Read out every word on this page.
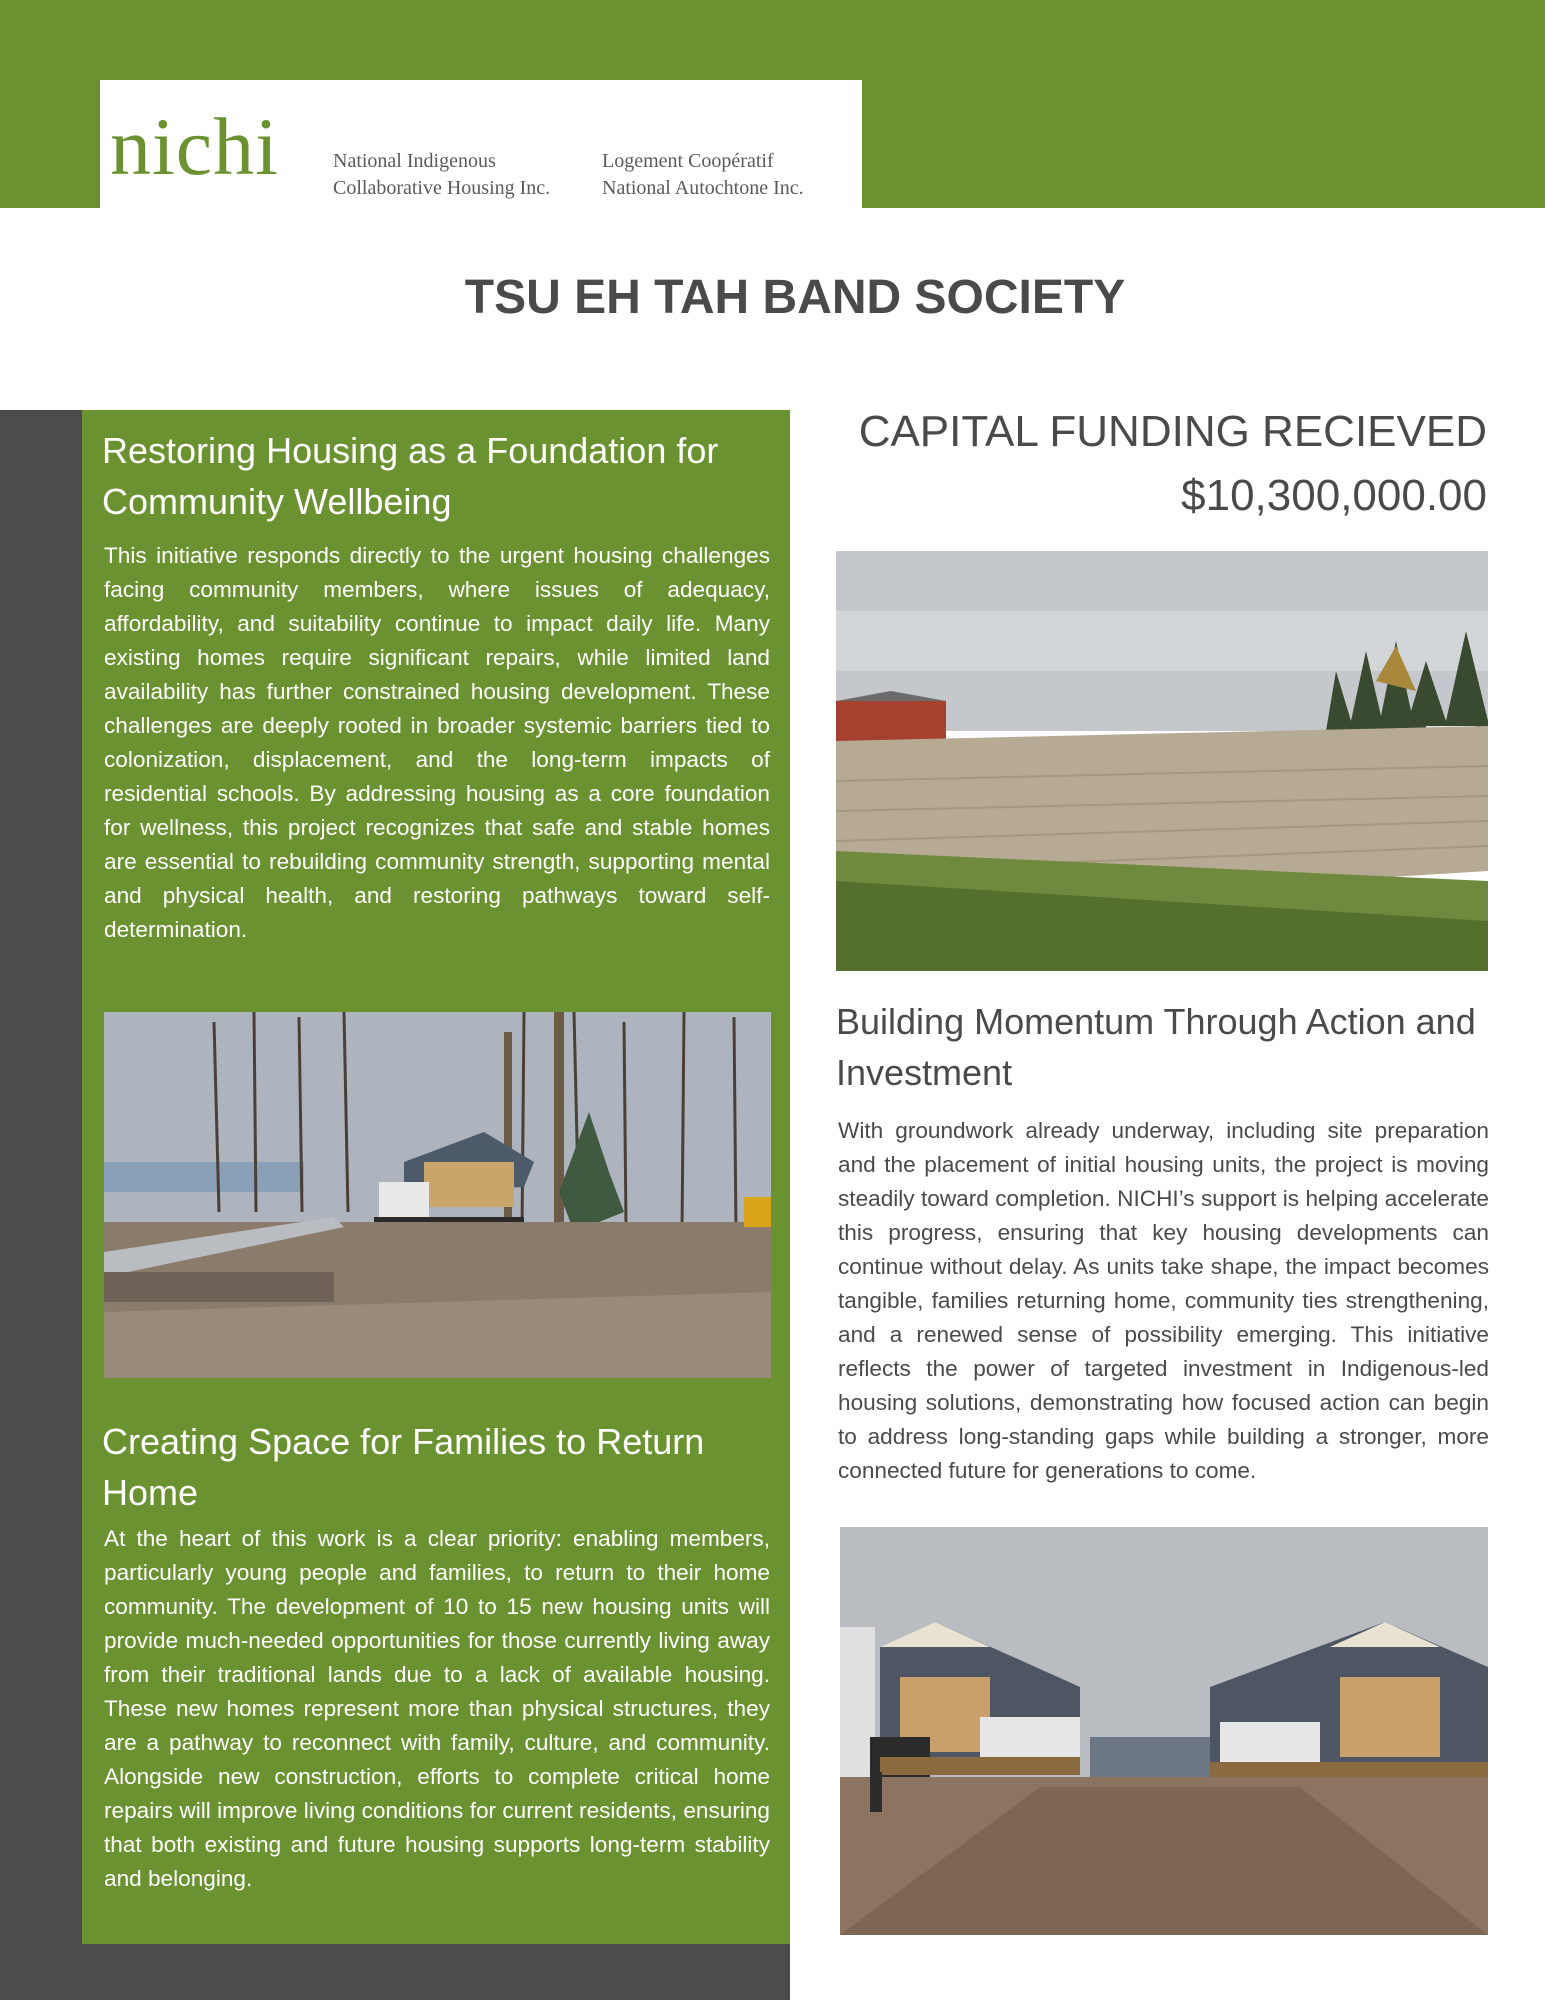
nichi	National Indigenous
Collaborative Housing Inc.
Logement Coopératif
National Autochtone Inc.
TSU EH TAH BAND SOCIETY
Restoring Housing as a Foundation for Community Wellbeing

This initiative responds directly to the urgent housing challenges facing community members, where issues of adequacy, affordability, and suitability continue to impact daily life. Many existing homes require significant repairs, while limited land availability has further constrained housing development. These challenges are deeply rooted in broader systemic barriers tied to colonization, displacement, and the long-term impacts of residential schools. By addressing housing as a core foundation for wellness, this project recognizes that safe and stable homes are essential to rebuilding community strength, supporting mental and physical health, and restoring pathways toward self-determination.

Creating Space for Families to Return Home

At the heart of this work is a clear priority: enabling members, particularly young people and families, to return to their home community. The development of 10 to 15 new housing units will provide much-needed opportunities for those currently living away from their traditional lands due to a lack of available housing. These new homes represent more than physical structures, they are a pathway to reconnect with family, culture, and community. Alongside new construction, efforts to complete critical home repairs will improve living conditions for current residents, ensuring that both existing and future housing supports long-term stability and belonging.

CAPITAL FUNDING RECIEVED
$10,300,000.00
Building Momentum Through Action and Investment

With groundwork already underway, including site preparation and the placement of initial housing units, the project is moving steadily toward completion. NICHI’s support is helping accelerate this progress, ensuring that key housing developments can continue without delay. As units take shape, the impact becomes tangible, families returning home, community ties strengthening, and a renewed sense of possibility emerging. This initiative reflects the power of targeted investment in Indigenous-led housing solutions, demonstrating how focused action can begin to address long-standing gaps while building a stronger, more connected future for generations to come.
